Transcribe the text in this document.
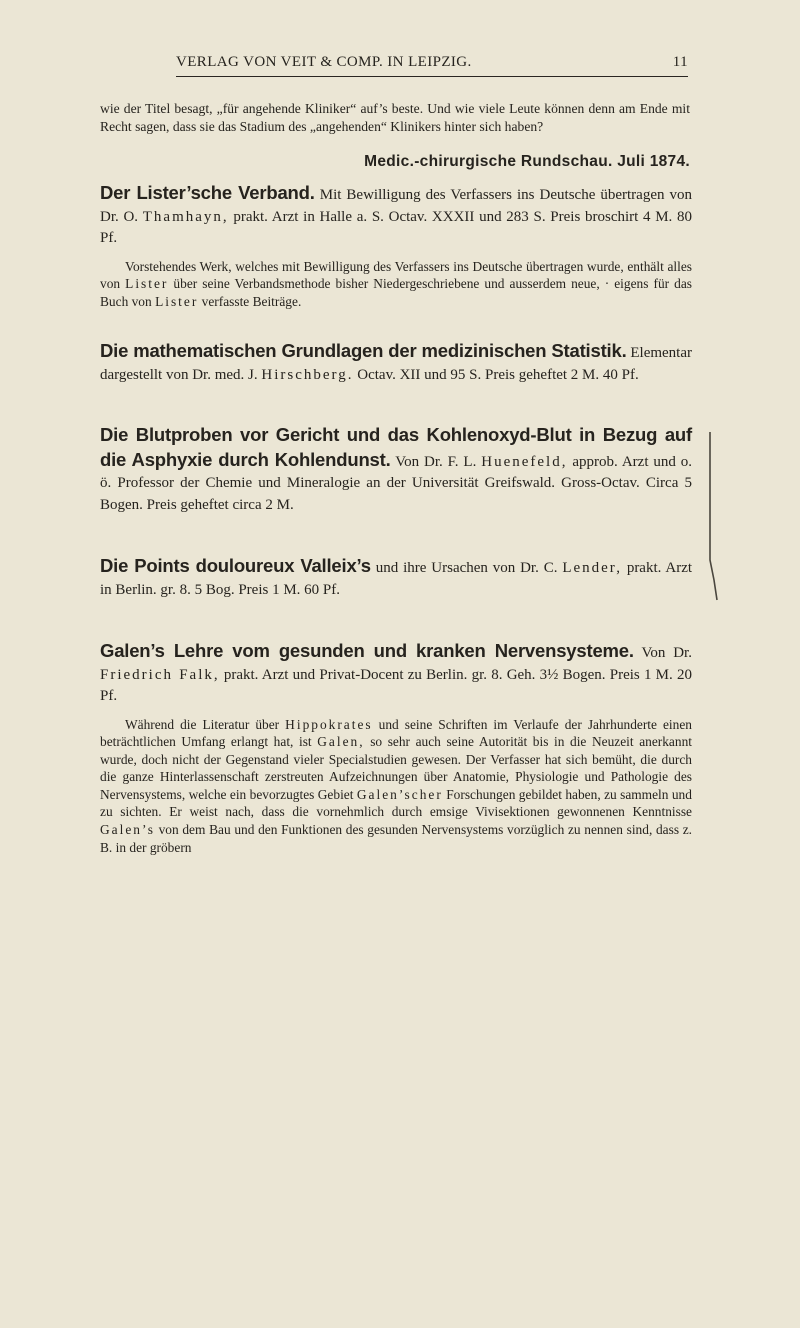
VERLAG VON VEIT & COMP. IN LEIPZIG.	11

wie der Titel besagt, „für angehende Kliniker“ auf’s beste. Und wie viele Leute können denn am Ende mit Recht sagen, dass sie das Stadium des „angehenden“ Klinikers hinter sich haben?

Medic.-chirurgische Rundschau. Juli 1874.

Der Lister’sche Verband. Mit Bewilligung des Verfassers ins Deutsche übertragen von Dr. O. Thamhayn, prakt. Arzt in Halle a. S. Octav. XXXII und 283 S. Preis broschirt 4 M. 80 Pf.

Vorstehendes Werk, welches mit Bewilligung des Verfassers ins Deutsche übertragen wurde, enthält alles von Lister über seine Verbandsmethode bisher Niedergeschriebene und ausserdem neue, · eigens für das Buch von Lister verfasste Beiträge.

Die mathematischen Grundlagen der medizinischen Statistik. Elementar dargestellt von Dr. med. J. Hirschberg. Octav. XII und 95 S. Preis geheftet 2 M. 40 Pf.

Die Blutproben vor Gericht und das Kohlenoxyd-Blut in Bezug auf die Asphyxie durch Kohlendunst. Von Dr. F. L. Huenefeld, approb. Arzt und o. ö. Professor der Chemie und Mineralogie an der Universität Greifswald. Gross-Octav. Circa 5 Bogen. Preis geheftet circa 2 M.

Die Points douloureux Valleix’s und ihre Ursachen von Dr. C. Lender, prakt. Arzt in Berlin. gr. 8. 5 Bog. Preis 1 M. 60 Pf.

Galen’s Lehre vom gesunden und kranken Nervensysteme. Von Dr. Friedrich Falk, prakt. Arzt und Privat-Docent zu Berlin. gr. 8. Geh. 3½ Bogen. Preis 1 M. 20 Pf.

Während die Literatur über Hippokrates und seine Schriften im Verlaufe der Jahrhunderte einen beträchtlichen Umfang erlangt hat, ist Galen, so sehr auch seine Autorität bis in die Neuzeit anerkannt wurde, doch nicht der Gegenstand vieler Specialstudien gewesen. Der Verfasser hat sich bemüht, die durch die ganze Hinterlassenschaft zerstreuten Aufzeichnungen über Anatomie, Physiologie und Pathologie des Nervensystems, welche ein bevorzugtes Gebiet Galen’scher Forschungen gebildet haben, zu sammeln und zu sichten. Er weist nach, dass die vornehmlich durch emsige Vivisektionen gewonnenen Kenntnisse Galen’s von dem Bau und den Funktionen des gesunden Nervensystems vorzüglich zu nennen sind, dass z. B. in der gröbern
